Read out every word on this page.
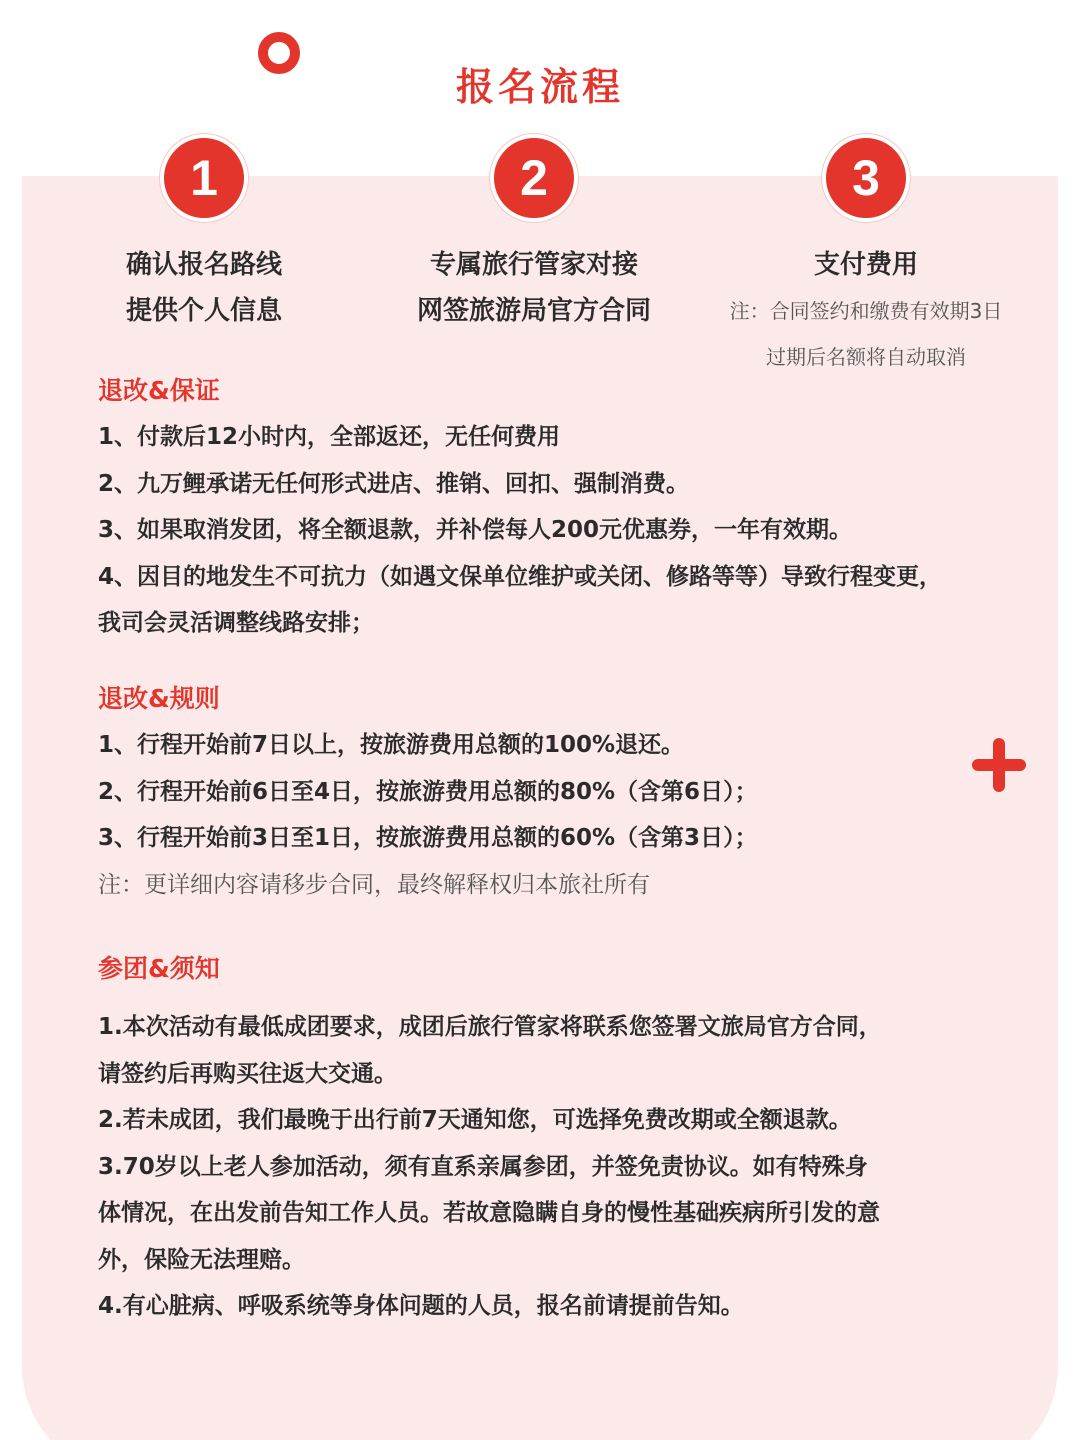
报名流程
1
确认报名路线
提供个人信息
2
专属旅行管家对接
网签旅游局官方合同
3
支付费用
注：合同签约和缴费有效期3日
过期后名额将自动取消
退改&保证
1、付款后12小时内，全部返还，无任何费用
2、九万鲤承诺无任何形式进店、推销、回扣、强制消费。
3、如果取消发团，将全额退款，并补偿每人200元优惠券，一年有效期。
4、因目的地发生不可抗力（如遇文保单位维护或关闭、修路等等）导致行程变更，
我司会灵活调整线路安排；
退改&规则
1、行程开始前7日以上，按旅游费用总额的100%退还。
2、行程开始前6日至4日，按旅游费用总额的80%（含第6日）；
3、行程开始前3日至1日，按旅游费用总额的60%（含第3日）；
注：更详细内容请移步合同，最终解释权归本旅社所有
参团&须知
1.本次活动有最低成团要求，成团后旅行管家将联系您签署文旅局官方合同，
请签约后再购买往返大交通。
2.若未成团，我们最晚于出行前7天通知您，可选择免费改期或全额退款。
3.70岁以上老人参加活动，须有直系亲属参团，并签免责协议。如有特殊身
体情况，在出发前告知工作人员。若故意隐瞒自身的慢性基础疾病所引发的意
外，保险无法理赔。
4.有心脏病、呼吸系统等身体问题的人员，报名前请提前告知。
